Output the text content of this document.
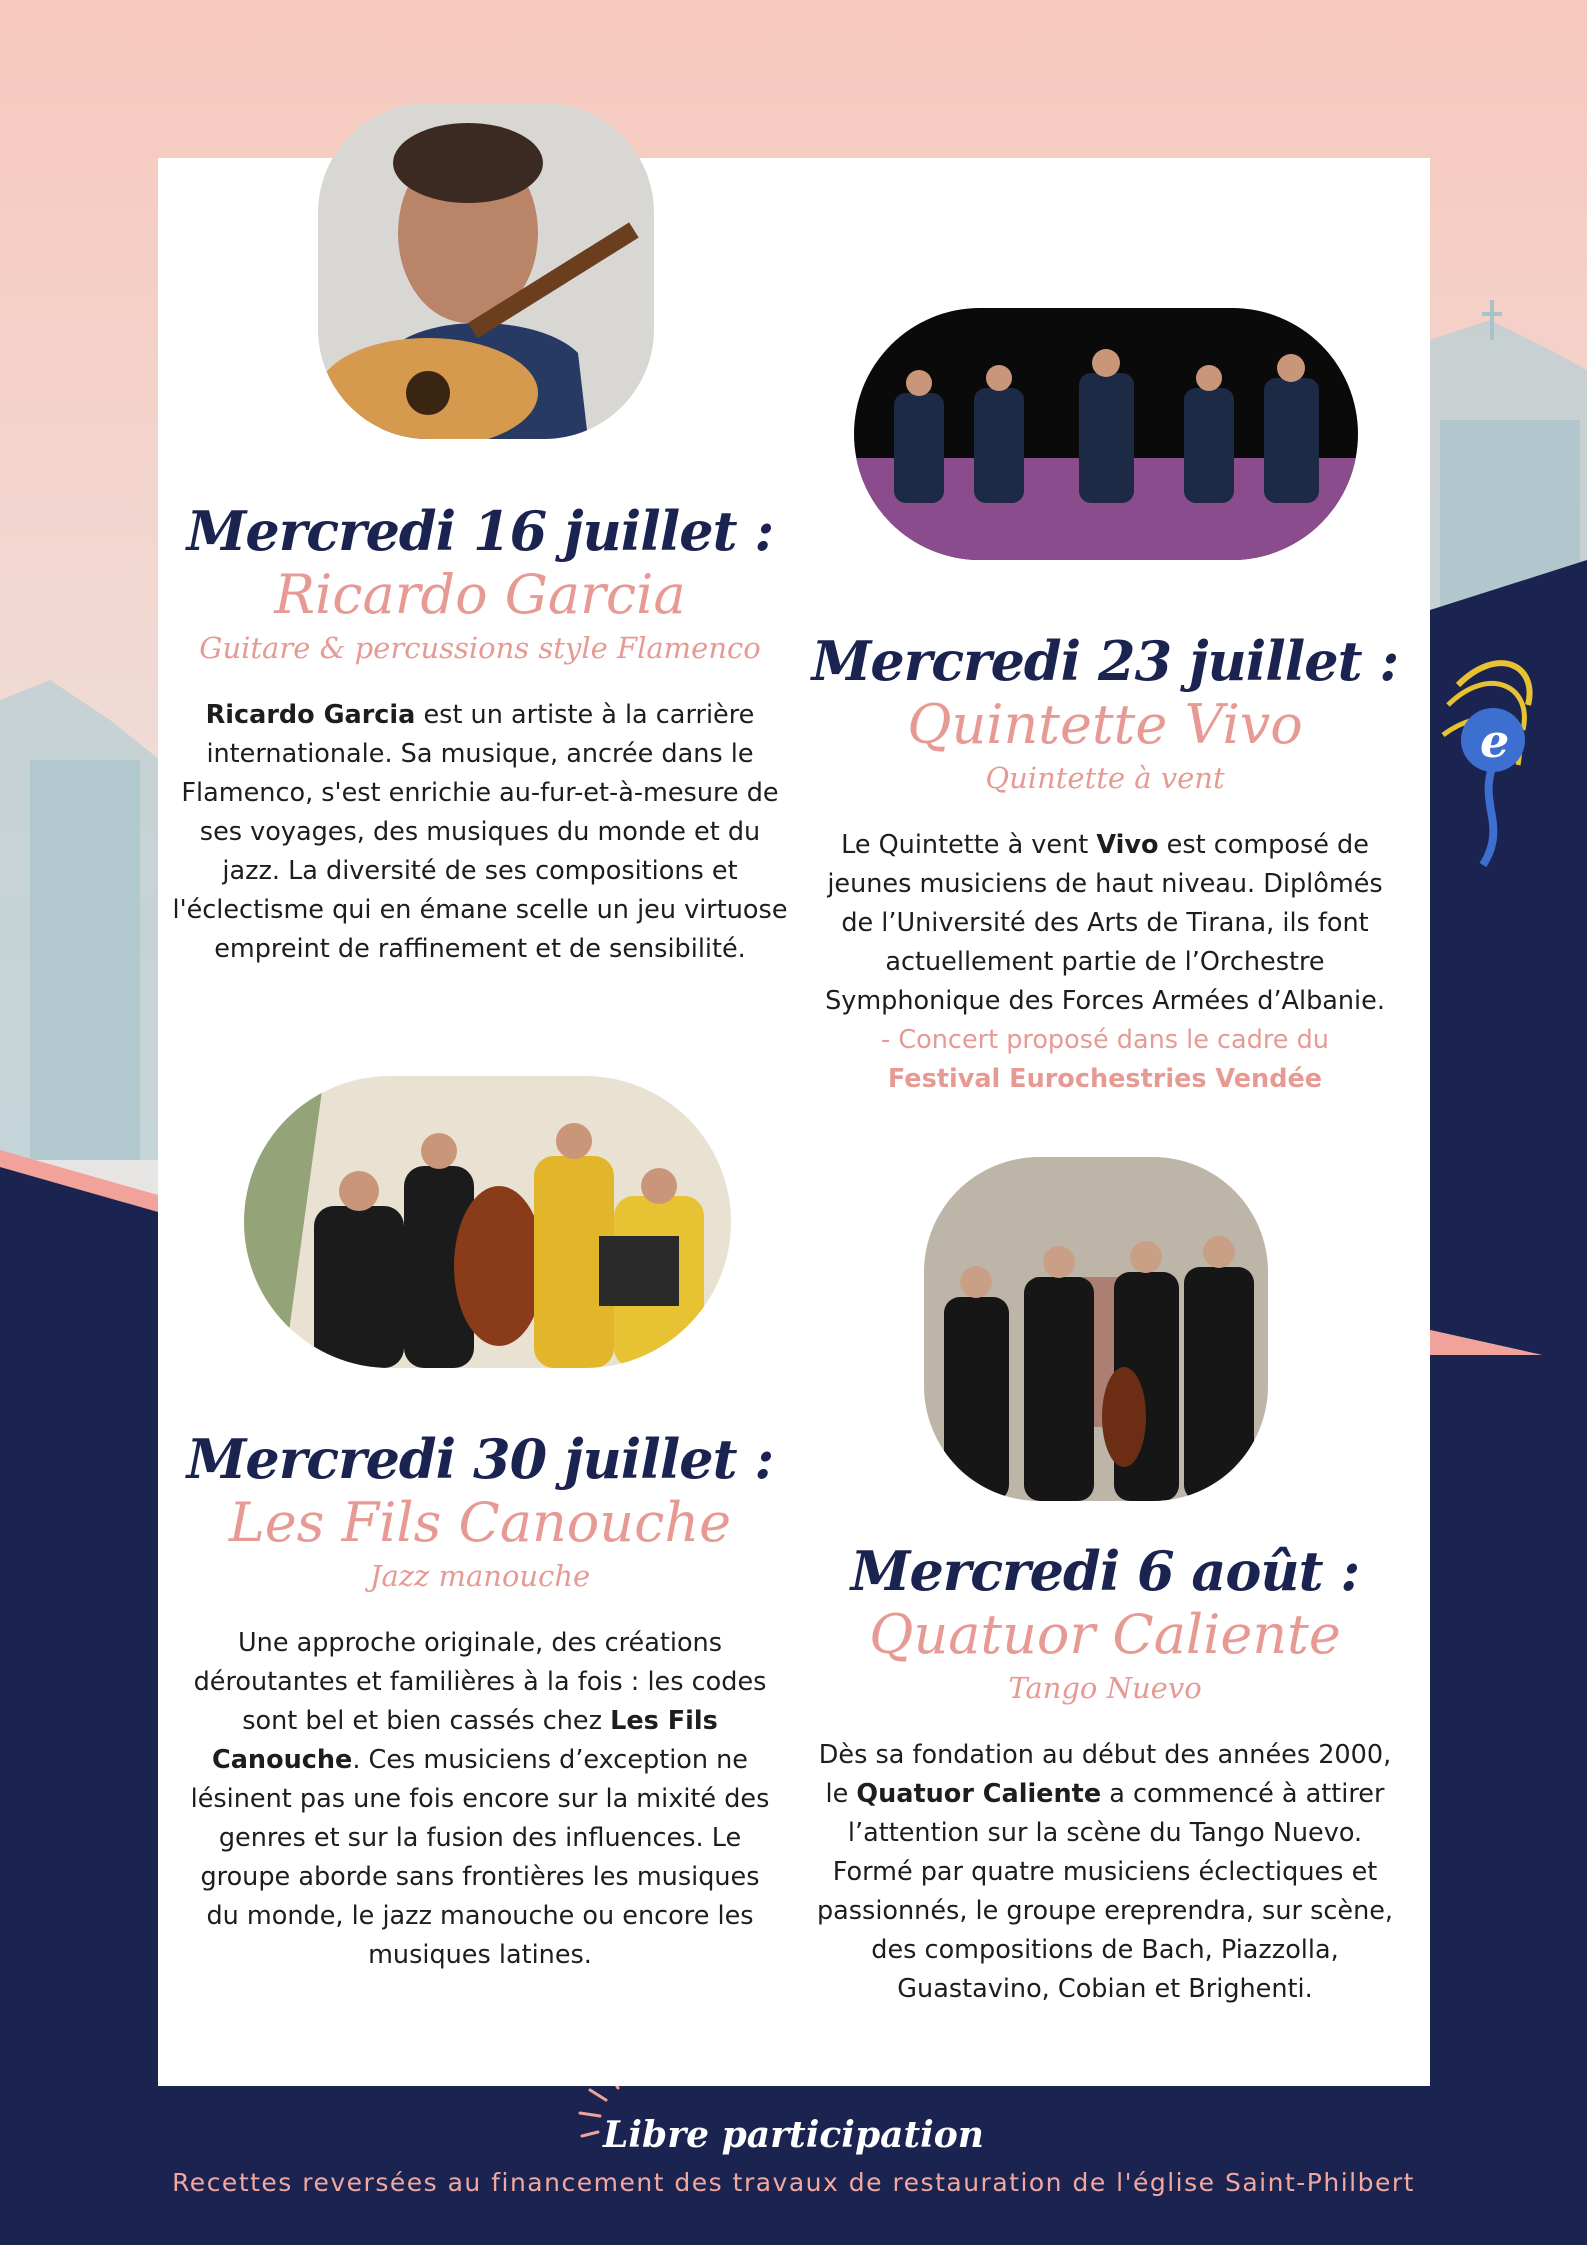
e
Mercredi 16 juillet :
Ricardo Garcia
Guitare & percussions style Flamenco
Ricardo Garcia est un artiste à la carrière
internationale. Sa musique, ancrée dans le
Flamenco, s'est enrichie au-fur-et-à-mesure de
ses voyages, des musiques du monde et du
jazz. La diversité de ses compositions et
l'éclectisme qui en émane scelle un jeu virtuose
empreint de raffinement et de sensibilité.
Mercredi 23 juillet :
Quintette Vivo
Quintette à vent
Le Quintette à vent Vivo est composé de
jeunes musiciens de haut niveau. Diplômés
de l’Université des Arts de Tirana, ils font
actuellement partie de l’Orchestre
Symphonique des Forces Armées d’Albanie.
- Concert proposé dans le cadre du
Festival Eurochestries Vendée
Mercredi 30 juillet :
Les Fils Canouche
Jazz manouche
Une approche originale, des créations
déroutantes et familières à la fois : les codes
sont bel et bien cassés chez Les Fils
Canouche. Ces musiciens d’exception ne
lésinent pas une fois encore sur la mixité des
genres et sur la fusion des influences. Le
groupe aborde sans frontières les musiques
du monde, le jazz manouche ou encore les
musiques latines.
Mercredi 6 août :
Quatuor Caliente
Tango Nuevo
Dès sa fondation au début des années 2000,
le Quatuor Caliente a commencé à attirer
l’attention sur la scène du Tango Nuevo.
Formé par quatre musiciens éclectiques et
passionnés, le groupe ereprendra, sur scène,
des compositions de Bach, Piazzolla,
Guastavino, Cobian et Brighenti.
Libre participation
Recettes reversées au financement des travaux de restauration de l'église Saint-Philbert
